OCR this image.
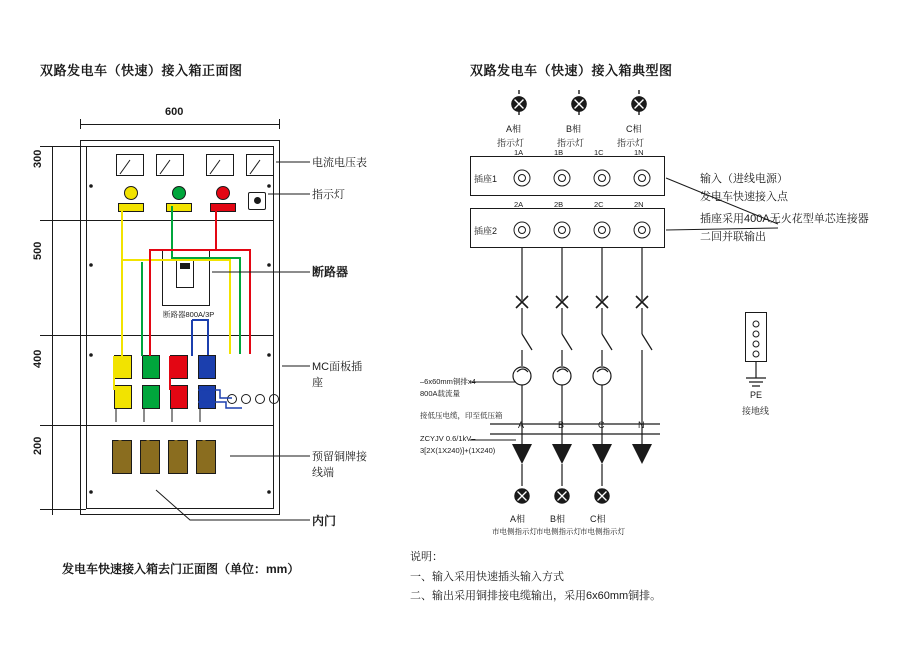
双路发电车（快速）接入箱正面图
600
300
500
400
200
断路器800A/3P
电流电压表
指示灯
断路器
MC面板插座
预留铜牌接线端
内门
发电车快速接入箱去门正面图（单位：mm）
双路发电车（快速）接入箱典型图
A相	B相	C相
指示灯	指示灯	指示灯
插座1
1A	1B	1C	1N
插座2
2A	2B	2C	2N
输入（进线电源）
发电车快速接入点
插座采用400A无火花型单芯连接器
二回并联输出
A	B	C	N
–6x60mm铜排x4
800A载流量
接低压电缆，印至低压箱
ZCYJV 0.6/1kV–
3[2X(1X240)]+(1X240)
A相	B相	C相
市电侧指示灯 市电侧指示灯 市电侧指示灯
PE
接地线
说明：
一、输入采用快速插头输入方式
二、输出采用铜排接电缆输出，采用6x60mm铜排。
